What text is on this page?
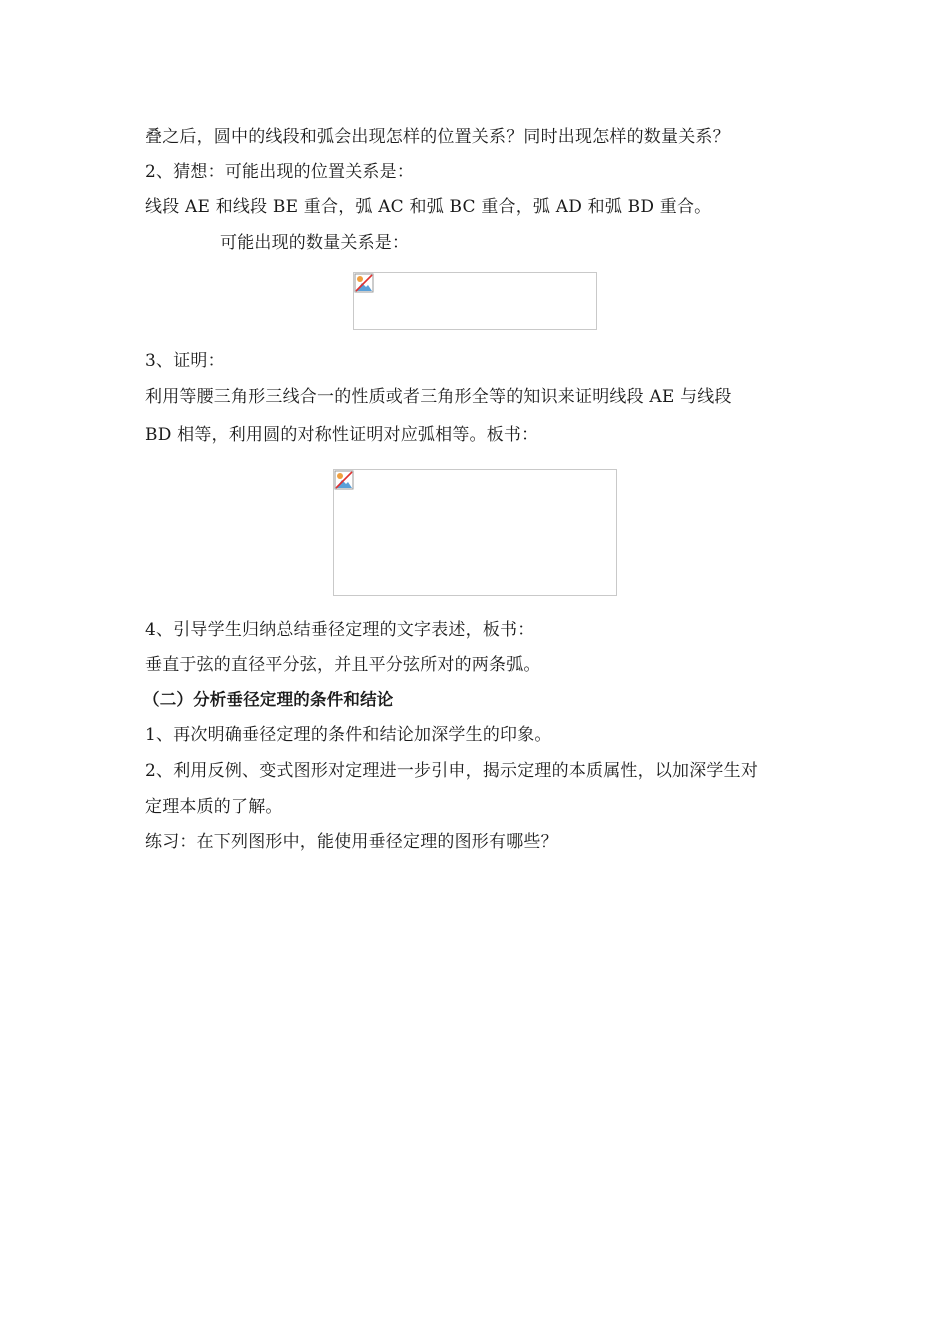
叠之后，圆中的线段和弧会出现怎样的位置关系？同时出现怎样的数量关系？
2、猜想：可能出现的位置关系是：
线段 AE 和线段 BE 重合，弧 AC 和弧 BC 重合，弧 AD 和弧 BD 重合。
可能出现的数量关系是：
3、证明：
利用等腰三角形三线合一的性质或者三角形全等的知识来证明线段 AE 与线段
BD 相等，利用圆的对称性证明对应弧相等。板书：
4、引导学生归纳总结垂径定理的文字表述，板书：
垂直于弦的直径平分弦，并且平分弦所对的两条弧。
（二）分析垂径定理的条件和结论
1、再次明确垂径定理的条件和结论加深学生的印象。
2、利用反例、变式图形对定理进一步引申，揭示定理的本质属性，以加深学生对
定理本质的了解。
练习：在下列图形中，能使用垂径定理的图形有哪些？
